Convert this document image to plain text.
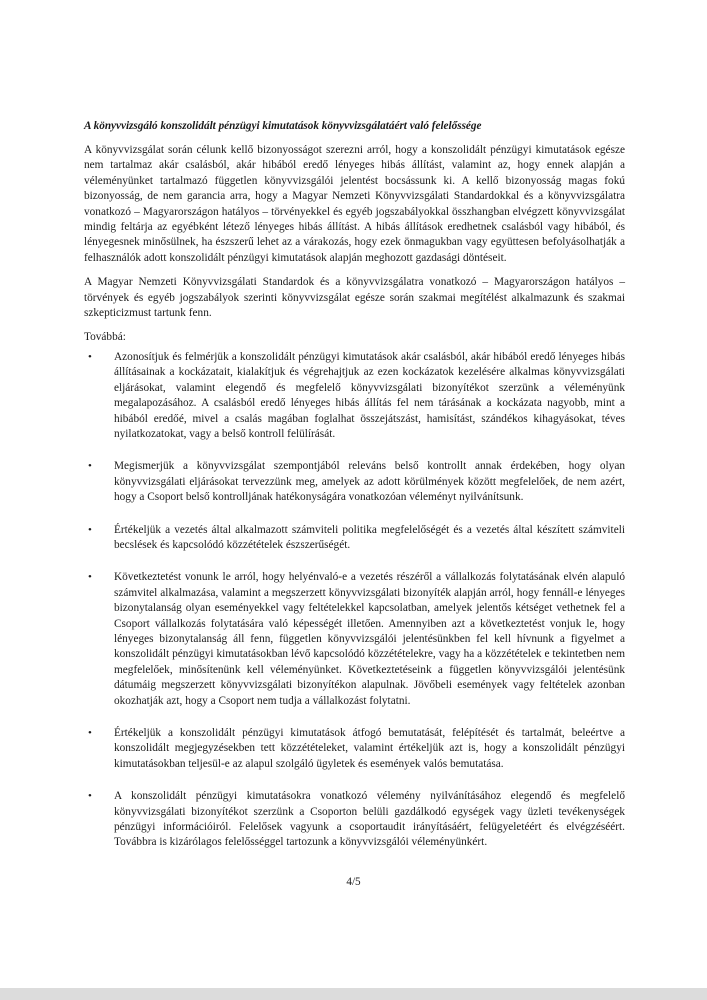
A könyvvizsgáló konszolidált pénzügyi kimutatások könyvvizsgálatáért való felelőssége

A könyvvizsgálat során célunk kellő bizonyosságot szerezni arról, hogy a konszolidált pénzügyi kimutatások egésze nem tartalmaz akár csalásból, akár hibából eredő lényeges hibás állítást, valamint az, hogy ennek alapján a véleményünket tartalmazó független könyvvizsgálói jelentést bocsássunk ki. A kellő bizonyosság magas fokú bizonyosság, de nem garancia arra, hogy a Magyar Nemzeti Könyvvizsgálati Standardokkal és a könyvvizsgálatra vonatkozó – Magyarországon hatályos – törvényekkel és egyéb jogszabályokkal összhangban elvégzett könyvvizsgálat mindig feltárja az egyébként létező lényeges hibás állítást. A hibás állítások eredhetnek csalásból vagy hibából, és lényegesnek minősülnek, ha észszerű lehet az a várakozás, hogy ezek önmagukban vagy együttesen befolyásolhatják a felhasználók adott konszolidált pénzügyi kimutatások alapján meghozott gazdasági döntéseit.

A Magyar Nemzeti Könyvvizsgálati Standardok és a könyvvizsgálatra vonatkozó – Magyarországon hatályos – törvények és egyéb jogszabályok szerinti könyvvizsgálat egésze során szakmai megítélést alkalmazunk és szakmai szkepticizmust tartunk fenn.

Továbbá:

• Azonosítjuk és felmérjük a konszolidált pénzügyi kimutatások akár csalásból, akár hibából eredő lényeges hibás állításainak a kockázatait, kialakítjuk és végrehajtjuk az ezen kockázatok kezelésére alkalmas könyvvizsgálati eljárásokat, valamint elegendő és megfelelő könyvvizsgálati bizonyítékot szerzünk a véleményünk megalapozásához. A csalásból eredő lényeges hibás állítás fel nem tárásának a kockázata nagyobb, mint a hibából eredőé, mivel a csalás magában foglalhat összejátszást, hamisítást, szándékos kihagyásokat, téves nyilatkozatokat, vagy a belső kontroll felülírását.
• Megismerjük a könyvvizsgálat szempontjából releváns belső kontrollt annak érdekében, hogy olyan könyvvizsgálati eljárásokat tervezzünk meg, amelyek az adott körülmények között megfelelőek, de nem azért, hogy a Csoport belső kontrolljának hatékonyságára vonatkozóan véleményt nyilvánítsunk.
• Értékeljük a vezetés által alkalmazott számviteli politika megfelelőségét és a vezetés által készített számviteli becslések és kapcsolódó közzétételek észszerűségét.
• Következtetést vonunk le arról, hogy helyénvaló-e a vezetés részéről a vállalkozás folytatásának elvén alapuló számvitel alkalmazása, valamint a megszerzett könyvvizsgálati bizonyíték alapján arról, hogy fennáll-e lényeges bizonytalanság olyan eseményekkel vagy feltételekkel kapcsolatban, amelyek jelentős kétséget vethetnek fel a Csoport vállalkozás folytatására való képességét illetően. Amennyiben azt a következtetést vonjuk le, hogy lényeges bizonytalanság áll fenn, független könyvvizsgálói jelentésünkben fel kell hívnunk a figyelmet a konszolidált pénzügyi kimutatásokban lévő kapcsolódó közzétételekre, vagy ha a közzétételek e tekintetben nem megfelelőek, minősítenünk kell véleményünket. Következtetéseink a független könyvvizsgálói jelentésünk dátumáig megszerzett könyvvizsgálati bizonyítékon alapulnak. Jövőbeli események vagy feltételek azonban okozhatják azt, hogy a Csoport nem tudja a vállalkozást folytatni.
• Értékeljük a konszolidált pénzügyi kimutatások átfogó bemutatását, felépítését és tartalmát, beleértve a konszolidált megjegyzésekben tett közzétételeket, valamint értékeljük azt is, hogy a konszolidált pénzügyi kimutatásokban teljesül-e az alapul szolgáló ügyletek és események valós bemutatása.
• A konszolidált pénzügyi kimutatásokra vonatkozó vélemény nyilvánításához elegendő és megfelelő könyvvizsgálati bizonyítékot szerzünk a Csoporton belüli gazdálkodó egységek vagy üzleti tevékenységek pénzügyi információiról. Felelősek vagyunk a csoportaudit irányításáért, felügyeletéért és elvégzéséért. Továbbra is kizárólagos felelősséggel tartozunk a könyvvizsgálói véleményünkért.
4/5
